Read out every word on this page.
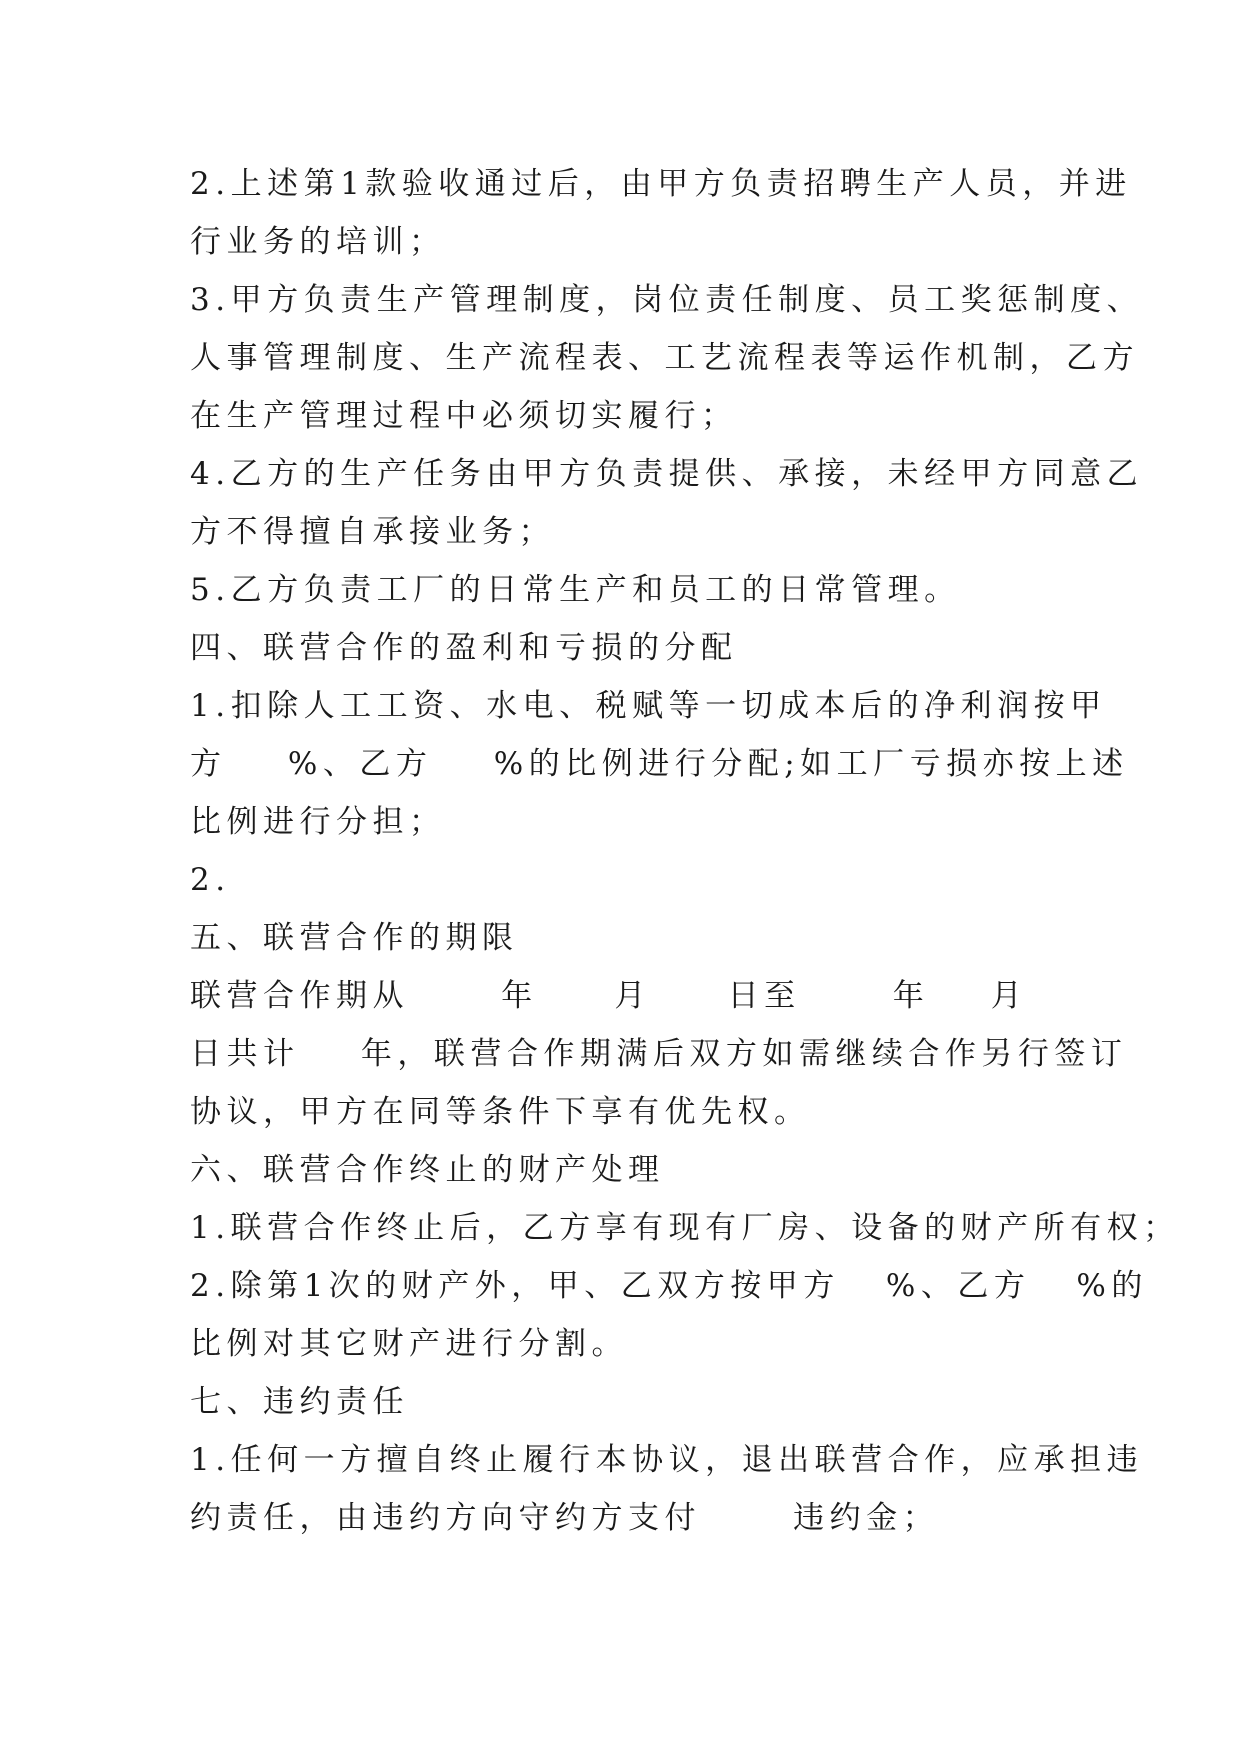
2.上述第1款验收通过后，由甲方负责招聘生产人员，并进
行业务的培训；
3.甲方负责生产管理制度，岗位责任制度、员工奖惩制度、
人事管理制度、生产流程表、工艺流程表等运作机制，乙方
在生产管理过程中必须切实履行；
4.乙方的生产任务由甲方负责提供、承接，未经甲方同意乙
方不得擅自承接业务；
5.乙方负责工厂的日常生产和员工的日常管理。
四、联营合作的盈利和亏损的分配
1.扣除人工工资、水电、税赋等一切成本后的净利润按甲
方    %、乙方    %的比例进行分配;如工厂亏损亦按上述
比例进行分担；
2.
五、联营合作的期限
联营合作期从      年     月     日至      年    月
日共计    年，联营合作期满后双方如需继续合作另行签订
协议，甲方在同等条件下享有优先权。
六、联营合作终止的财产处理
1.联营合作终止后，乙方享有现有厂房、设备的财产所有权；
2.除第1次的财产外，甲、乙双方按甲方   %、乙方   %的
比例对其它财产进行分割。
七、违约责任
1.任何一方擅自终止履行本协议，退出联营合作，应承担违
约责任，由违约方向守约方支付      违约金；
